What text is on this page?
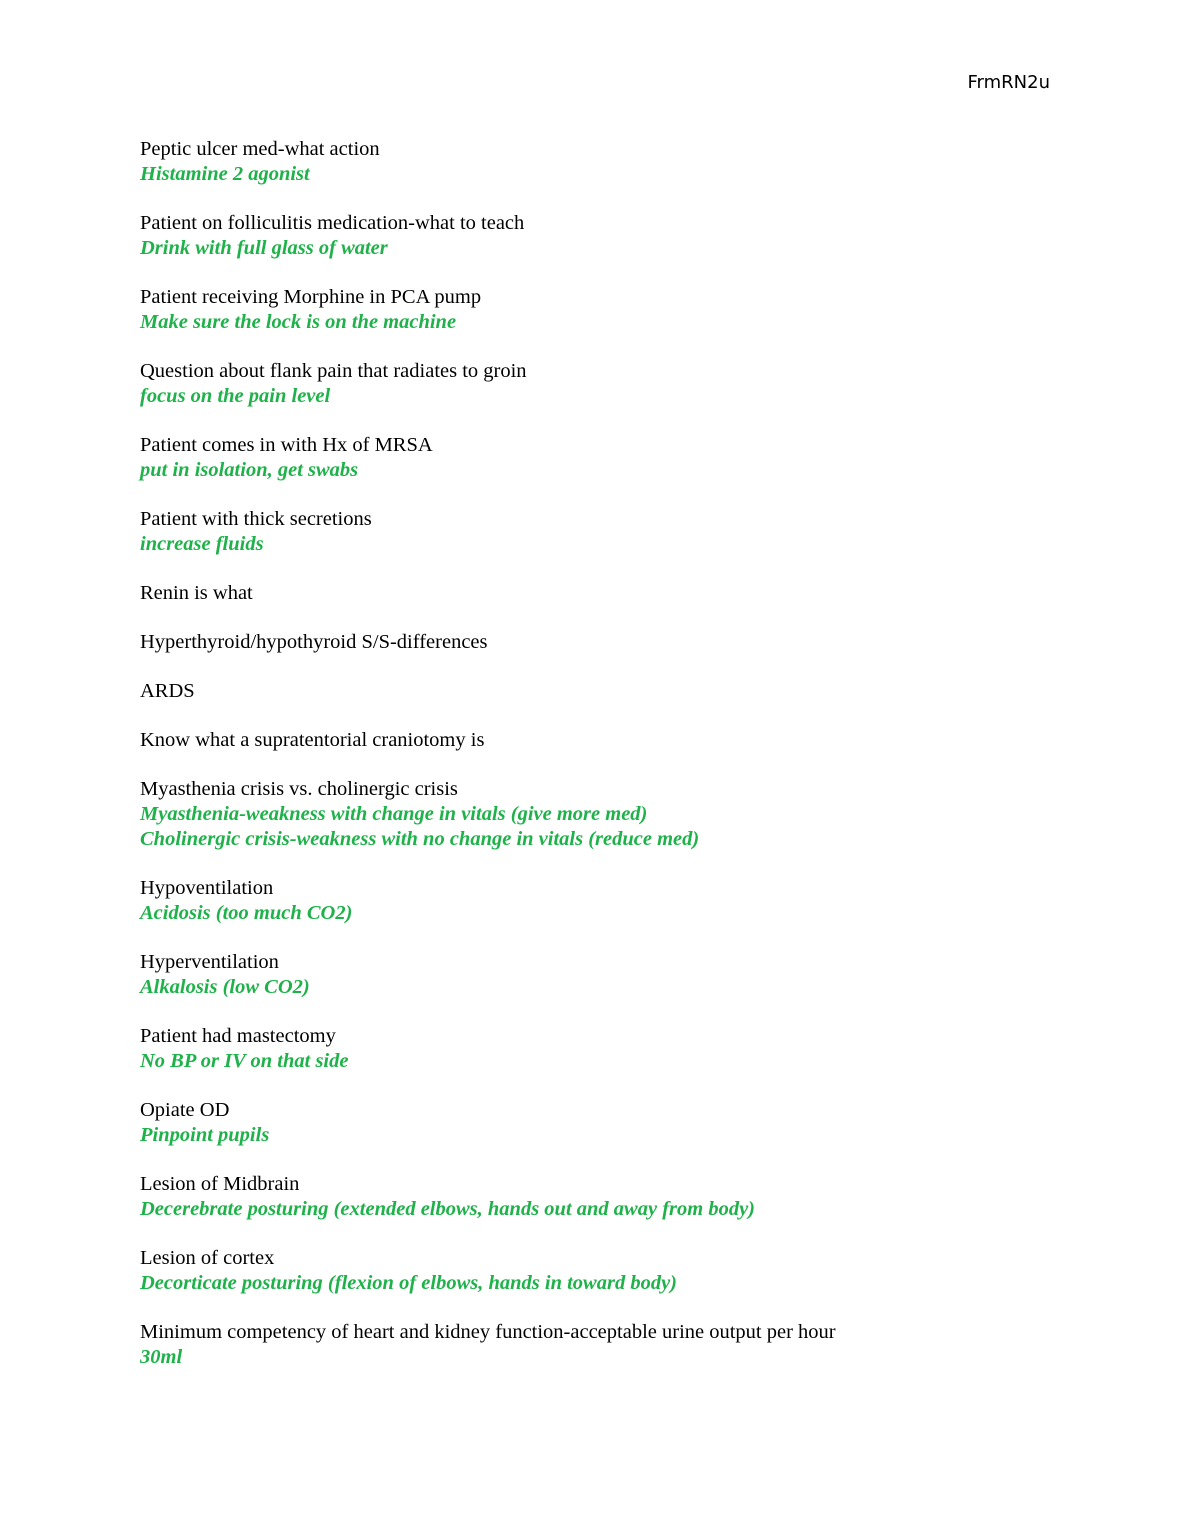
FrmRN2u
Peptic ulcer med-what action
Histamine 2 agonist
Patient on folliculitis medication-what to teach
Drink with full glass of water
Patient receiving Morphine in PCA pump
Make sure the lock is on the machine
Question about flank pain that radiates to groin
focus on the pain level
Patient comes in with Hx of MRSA
put in isolation, get swabs
Patient with thick secretions
increase fluids
Renin is what
Hyperthyroid/hypothyroid S/S-differences
ARDS
Know what a supratentorial craniotomy is
Myasthenia crisis vs. cholinergic crisis
Myasthenia-weakness with change in vitals (give more med)
Cholinergic crisis-weakness with no change in vitals (reduce med)
Hypoventilation
Acidosis (too much CO2)
Hyperventilation
Alkalosis (low CO2)
Patient had mastectomy
No BP or IV on that side
Opiate OD
Pinpoint pupils
Lesion of Midbrain
Decerebrate posturing (extended elbows, hands out and away from body)
Lesion of cortex
Decorticate posturing (flexion of elbows, hands in toward body)
Minimum competency of heart and kidney function-acceptable urine output per hour
30ml
